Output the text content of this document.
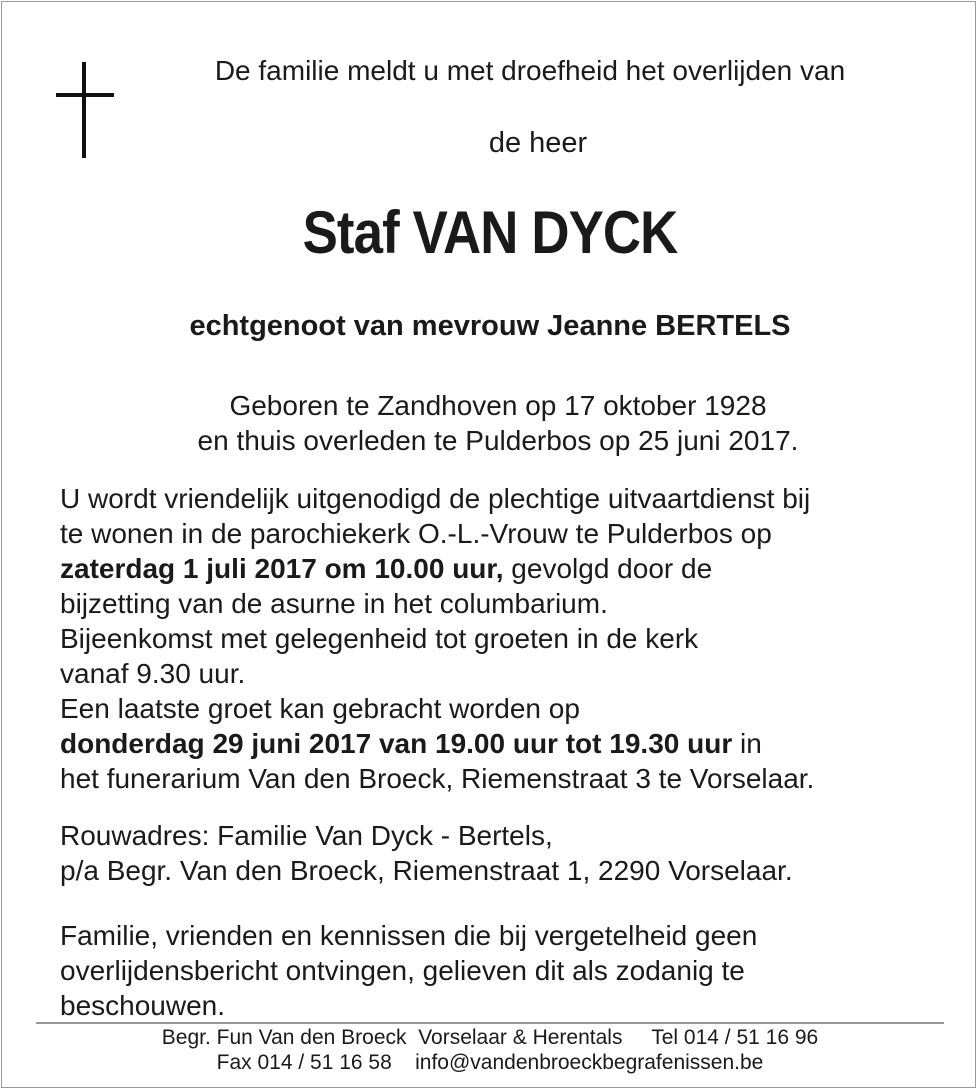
De familie meldt u met droefheid het overlijden van
de heer
Staf VAN DYCK
echtgenoot van mevrouw Jeanne BERTELS
Geboren te Zandhoven op 17 oktober 1928
en thuis overleden te Pulderbos op 25 juni 2017.
U wordt vriendelijk uitgenodigd de plechtige uitvaartdienst bij
te wonen in de parochiekerk O.-L.-Vrouw te Pulderbos op
zaterdag 1 juli 2017 om 10.00 uur, gevolgd door de
bijzetting van de asurne in het columbarium.
Bijeenkomst met gelegenheid tot groeten in de kerk
vanaf 9.30 uur.
Een laatste groet kan gebracht worden op
donderdag 29 juni 2017 van 19.00 uur tot 19.30 uur in
het funerarium Van den Broeck, Riemenstraat 3 te Vorselaar.
Rouwadres: Familie Van Dyck - Bertels,
p/a Begr. Van den Broeck, Riemenstraat 1, 2290 Vorselaar.
Familie, vrienden en kennissen die bij vergetelheid geen
overlijdensbericht ontvingen, gelieven dit als zodanig te
beschouwen.
Begr. Fun Van den Broeck  Vorselaar & Herentals     Tel 014 / 51 16 96
Fax 014 / 51 16 58    info@vandenbroeckbegrafenissen.be
